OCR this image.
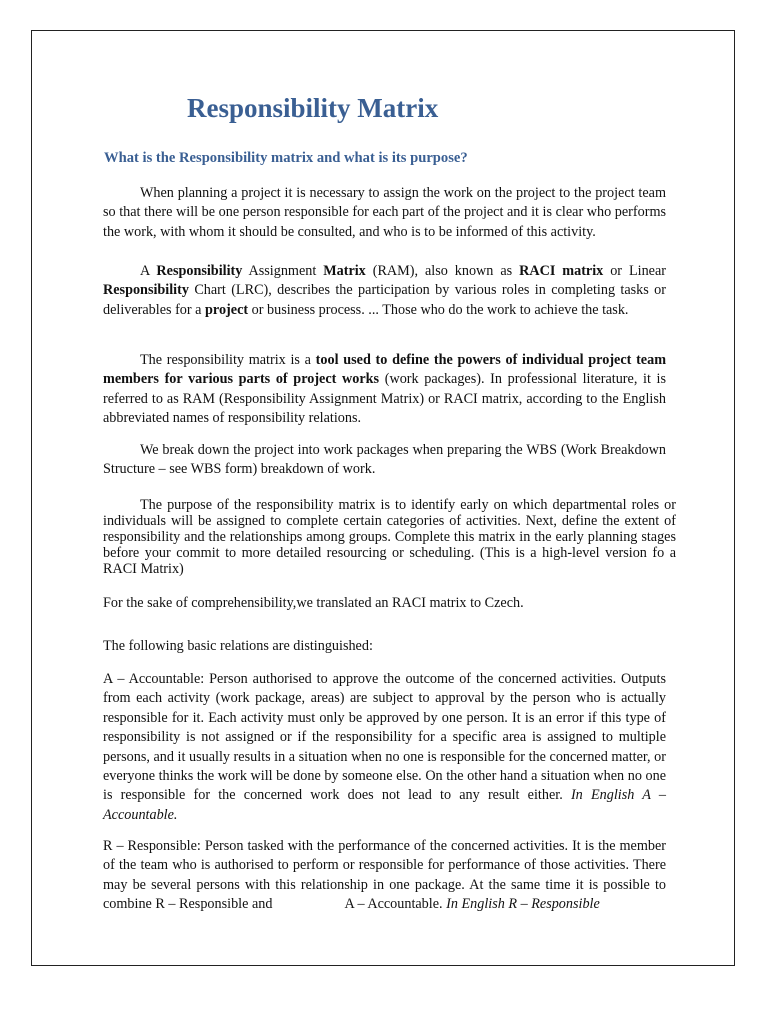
Responsibility Matrix
What is the Responsibility matrix and what is its purpose?
When planning a project it is necessary to assign the work on the project to the project team so that there will be one person responsible for each part of the project and it is clear who performs the work, with whom it should be consulted, and who is to be informed of this activity.
A Responsibility Assignment Matrix (RAM), also known as RACI matrix or Linear Responsibility Chart (LRC), describes the participation by various roles in completing tasks or deliverables for a project or business process. ... Those who do the work to achieve the task.
The responsibility matrix is a tool used to define the powers of individual project team members for various parts of project works (work packages). In professional literature, it is referred to as RAM (Responsibility Assignment Matrix) or RACI matrix, according to the English abbreviated names of responsibility relations.
We break down the project into work packages when preparing the WBS (Work Breakdown Structure – see WBS form) breakdown of work.
The purpose of the responsibility matrix is to identify early on which departmental roles or individuals will be assigned to complete certain categories of activities. Next, define the extent of responsibility and the relationships among groups. Complete this matrix in the early planning stages before your commit to more detailed resourcing or scheduling. (This is a high-level version fo a RACI Matrix)
For the sake of comprehensibility,we translated an RACI matrix to Czech.
The following basic relations are distinguished:
A – Accountable: Person authorised to approve the outcome of the concerned activities. Outputs from each activity (work package, areas) are subject to approval by the person who is actually responsible for it. Each activity must only be approved by one person. It is an error if this type of responsibility is not assigned or if the responsibility for a specific area is assigned to multiple persons, and it usually results in a situation when no one is responsible for the concerned matter, or everyone thinks the work will be done by someone else. On the other hand a situation when no one is responsible for the concerned work does not lead to any result either. In English A – Accountable.
R – Responsible: Person tasked with the performance of the concerned activities. It is the member of the team who is authorised to perform or responsible for performance of those activities. There may be several persons with this relationship in one package. At the same time it is possible to combine R – Responsible and	A – Accountable. In English R – Responsible
